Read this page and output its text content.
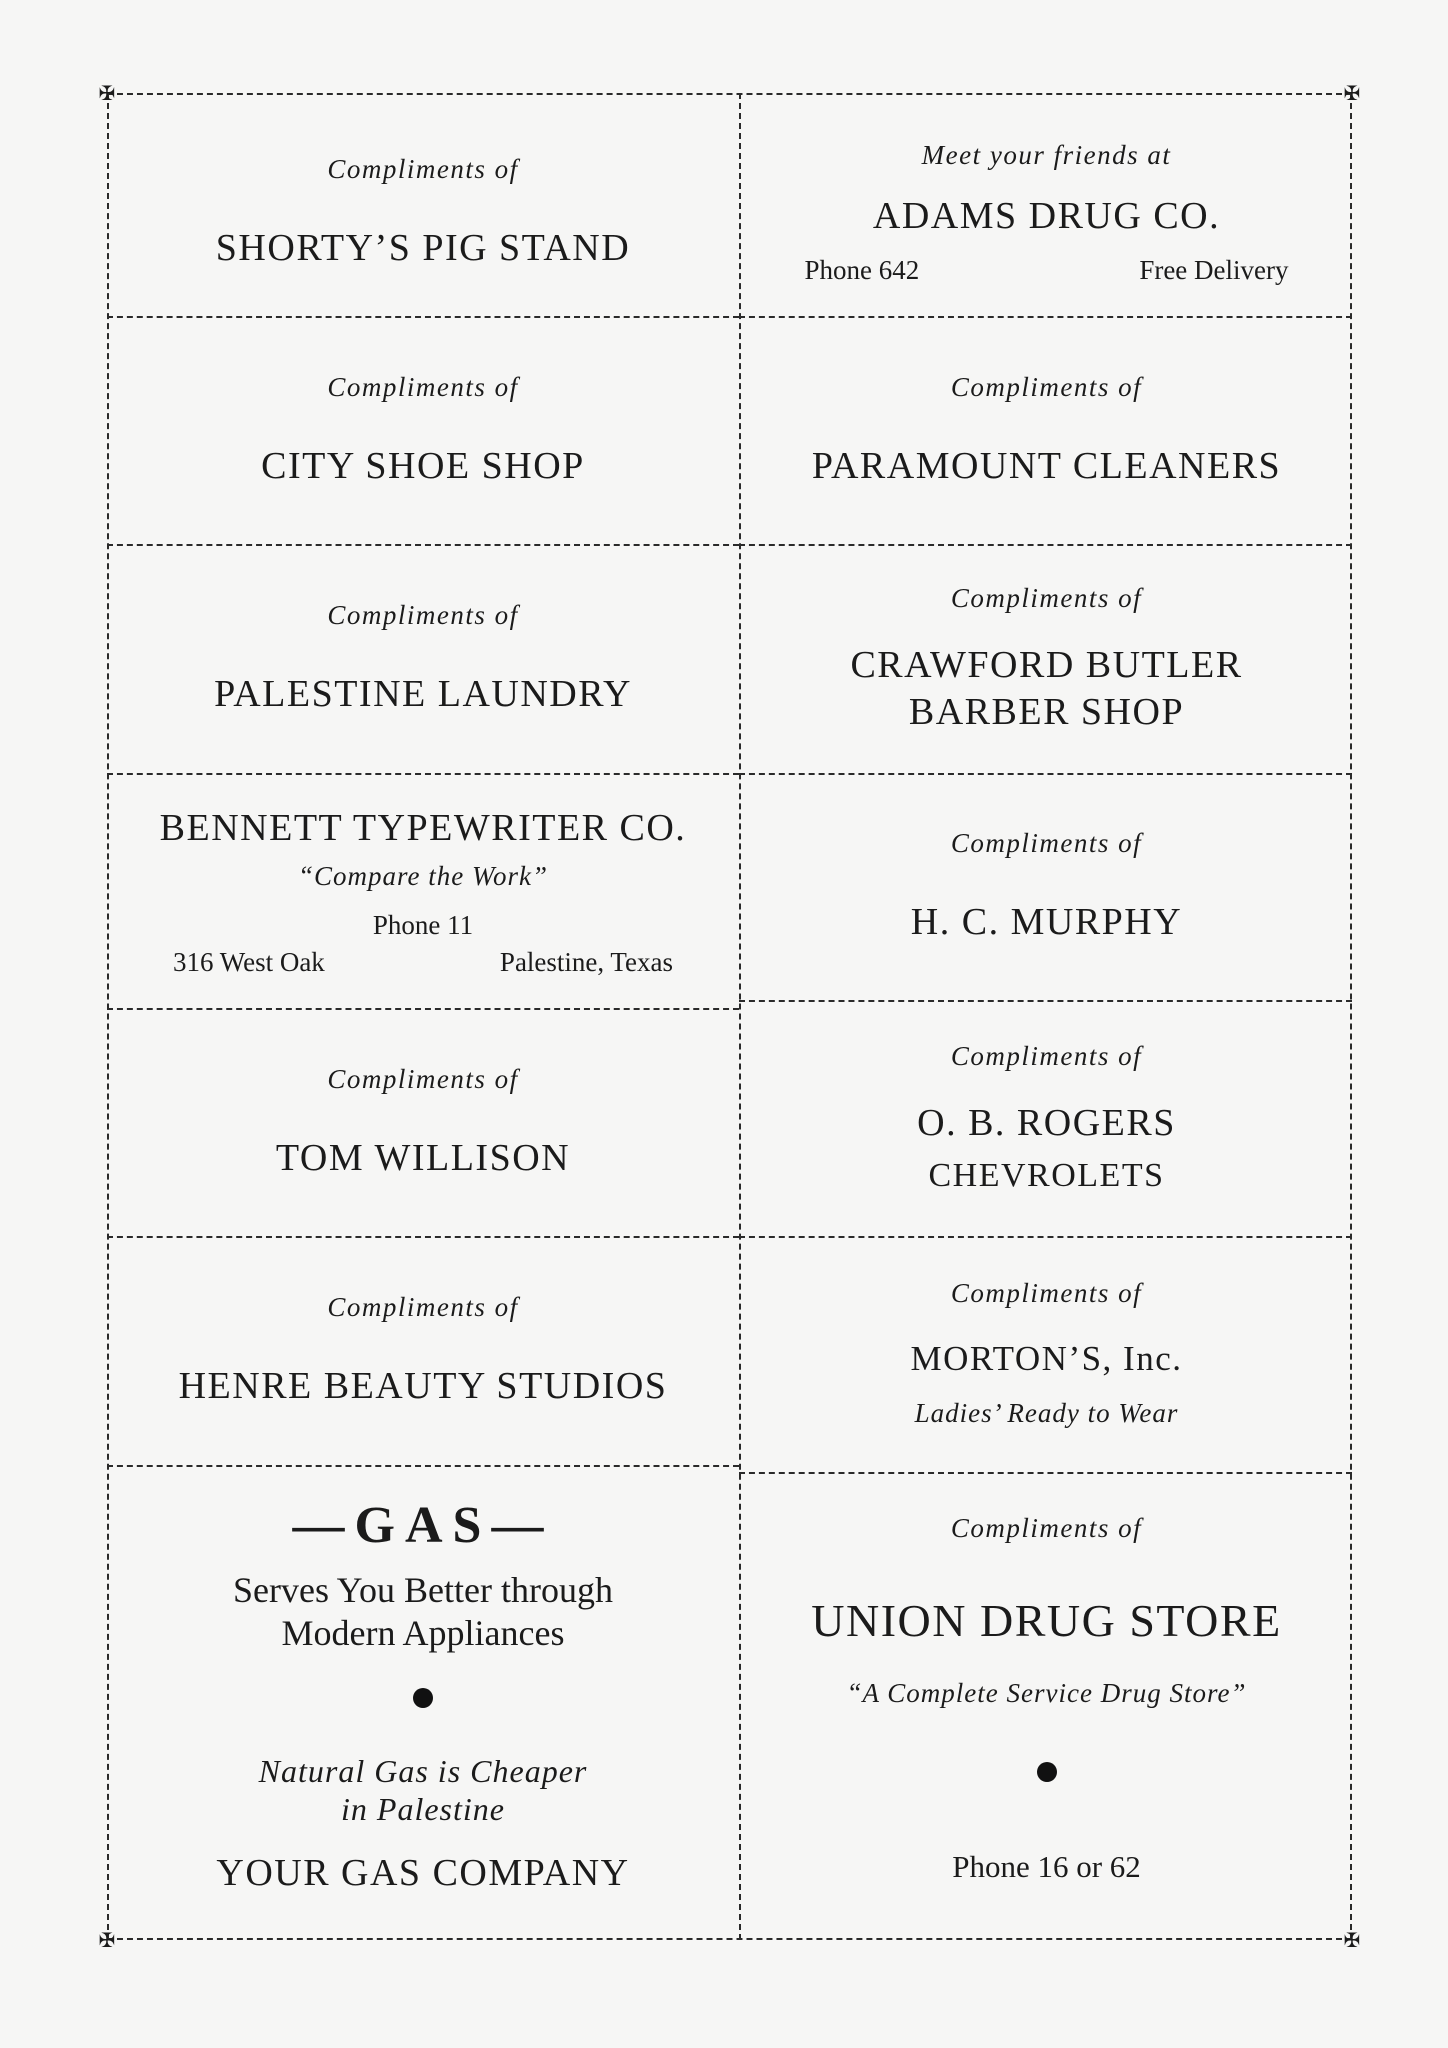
✠	✠
✠	✠

Compliments of

SHORTY’S PIG STAND

Compliments of

CITY SHOE SHOP

Compliments of

PALESTINE LAUNDRY

BENNETT TYPEWRITER CO.

“Compare the Work”

Phone 11

316 West Oak	Palestine, Texas

Compliments of

TOM WILLISON

Compliments of

HENRE BEAUTY STUDIOS

—GAS—

Serves You Better through

Modern Appliances

Natural Gas is Cheaper

in Palestine

YOUR GAS COMPANY

Meet your friends at

ADAMS DRUG CO.

Phone 642	Free Delivery

Compliments of

PARAMOUNT CLEANERS

Compliments of

CRAWFORD BUTLER

BARBER SHOP

Compliments of

H. C. MURPHY

Compliments of

O. B. ROGERS

CHEVROLETS

Compliments of

MORTON’S, Inc.

Ladies’ Ready to Wear

Compliments of

UNION DRUG STORE

“A Complete Service Drug Store”

Phone 16 or 62
